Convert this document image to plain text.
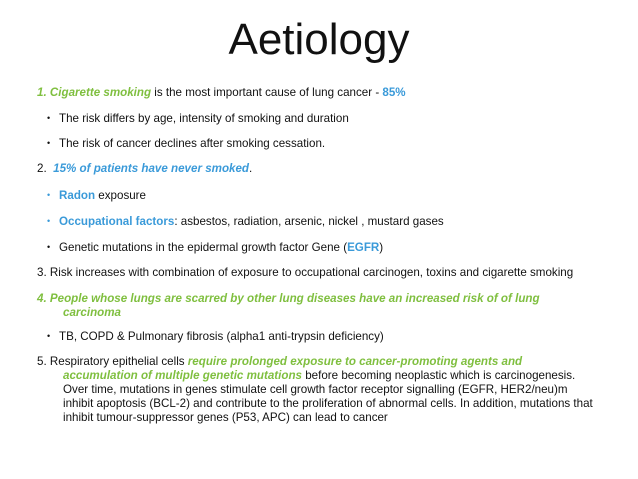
Aetiology
1. Cigarette smoking is the most important cause of lung cancer - 85%
• The risk differs by age, intensity of smoking and duration
• The risk of cancer declines after smoking cessation.
2. 15% of patients have never smoked.
• Radon exposure
• Occupational factors: asbestos, radiation, arsenic, nickel , mustard gases
• Genetic mutations in the epidermal growth factor Gene (EGFR)
3. Risk increases with combination of exposure to occupational carcinogen, toxins and cigarette smoking
4. People whose lungs are scarred by other lung diseases have an increased risk of of lung
carcinoma
• TB, COPD & Pulmonary fibrosis (alpha1 anti-trypsin deficiency)
5. Respiratory epithelial cells require prolonged exposure to cancer-promoting agents and
accumulation of multiple genetic mutations before becoming neoplastic which is carcinogenesis.
Over time, mutations in genes stimulate cell growth factor receptor signalling (EGFR, HER2/neu)m
inhibit apoptosis (BCL-2) and contribute to the proliferation of abnormal cells. In addition, mutations that
inhibit tumour-suppressor genes (P53, APC) can lead to cancer
